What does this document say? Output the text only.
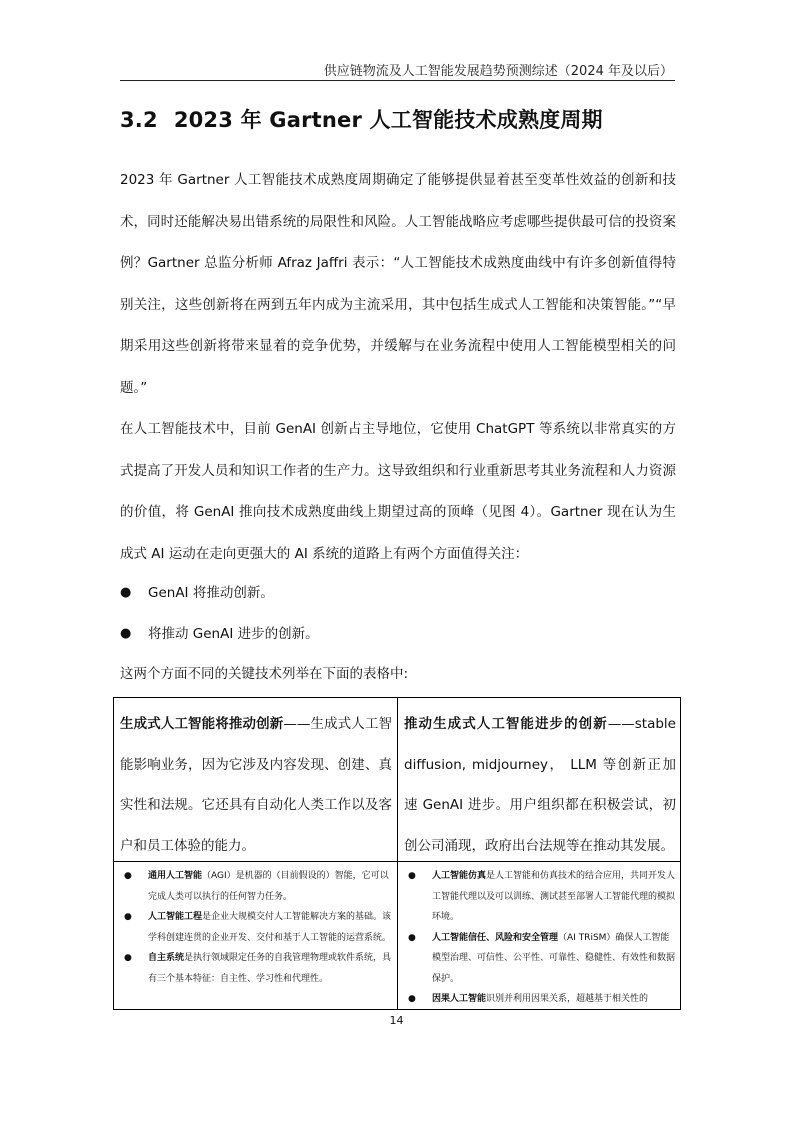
供应链物流及人工智能发展趋势预测综述（2024 年及以后）
3.2 2023 年 Gartner 人工智能技术成熟度周期

2023 年 Gartner 人工智能技术成熟度周期确定了能够提供显着甚至变革性效益的创新和技术，同时还能解决易出错系统的局限性和风险。人工智能战略应考虑哪些提供最可信的投资案例？Gartner 总监分析师 Afraz Jaffri 表示：“人工智能技术成熟度曲线中有许多创新值得特别关注，这些创新将在两到五年内成为主流采用，其中包括生成式人工智能和决策智能。”“早期采用这些创新将带来显着的竞争优势，并缓解与在业务流程中使用人工智能模型相关的问题。”

在人工智能技术中，目前 GenAI 创新占主导地位，它使用 ChatGPT 等系统以非常真实的方式提高了开发人员和知识工作者的生产力。这导致组织和行业重新思考其业务流程和人力资源的价值，将 GenAI 推向技术成熟度曲线上期望过高的顶峰（见图 4）。Gartner 现在认为生成式 AI 运动在走向更强大的 AI 系统的道路上有两个方面值得关注：

●	GenAI 将推动创新。
●	将推动 GenAI 进步的创新。
这两个方面不同的关键技术列举在下面的表格中:
生成式人工智能将推动创新——生成式人工智能影响业务，因为它涉及内容发现、创建、真实性和法规。它还具有自动化人类工作以及客户和员工体验的能力。
推动生成式人工智能进步的创新——stable diffusion, midjourney， LLM 等创新正加速 GenAI 进步。用户组织都在积极尝试，初创公司涌现，政府出台法规等在推动其发展。
● 通用人工智能（AGI）是机器的（目前假设的）智能，它可以完成人类可以执行的任何智力任务。
● 人工智能工程是企业大规模交付人工智能解决方案的基础。该学科创建连贯的企业开发、交付和基于人工智能的运营系统。
● 自主系统是执行领域限定任务的自我管理物理或软件系统，具有三个基本特征：自主性、学习性和代理性。
● 人工智能仿真是人工智能和仿真技术的结合应用，共同开发人工智能代理以及可以训练、测试甚至部署人工智能代理的模拟环境。
● 人工智能信任、风险和安全管理（AI TRiSM）确保人工智能模型治理、可信性、公平性、可靠性、稳健性、有效性和数据保护。
● 因果人工智能识别并利用因果关系，超越基于相关性的
14
